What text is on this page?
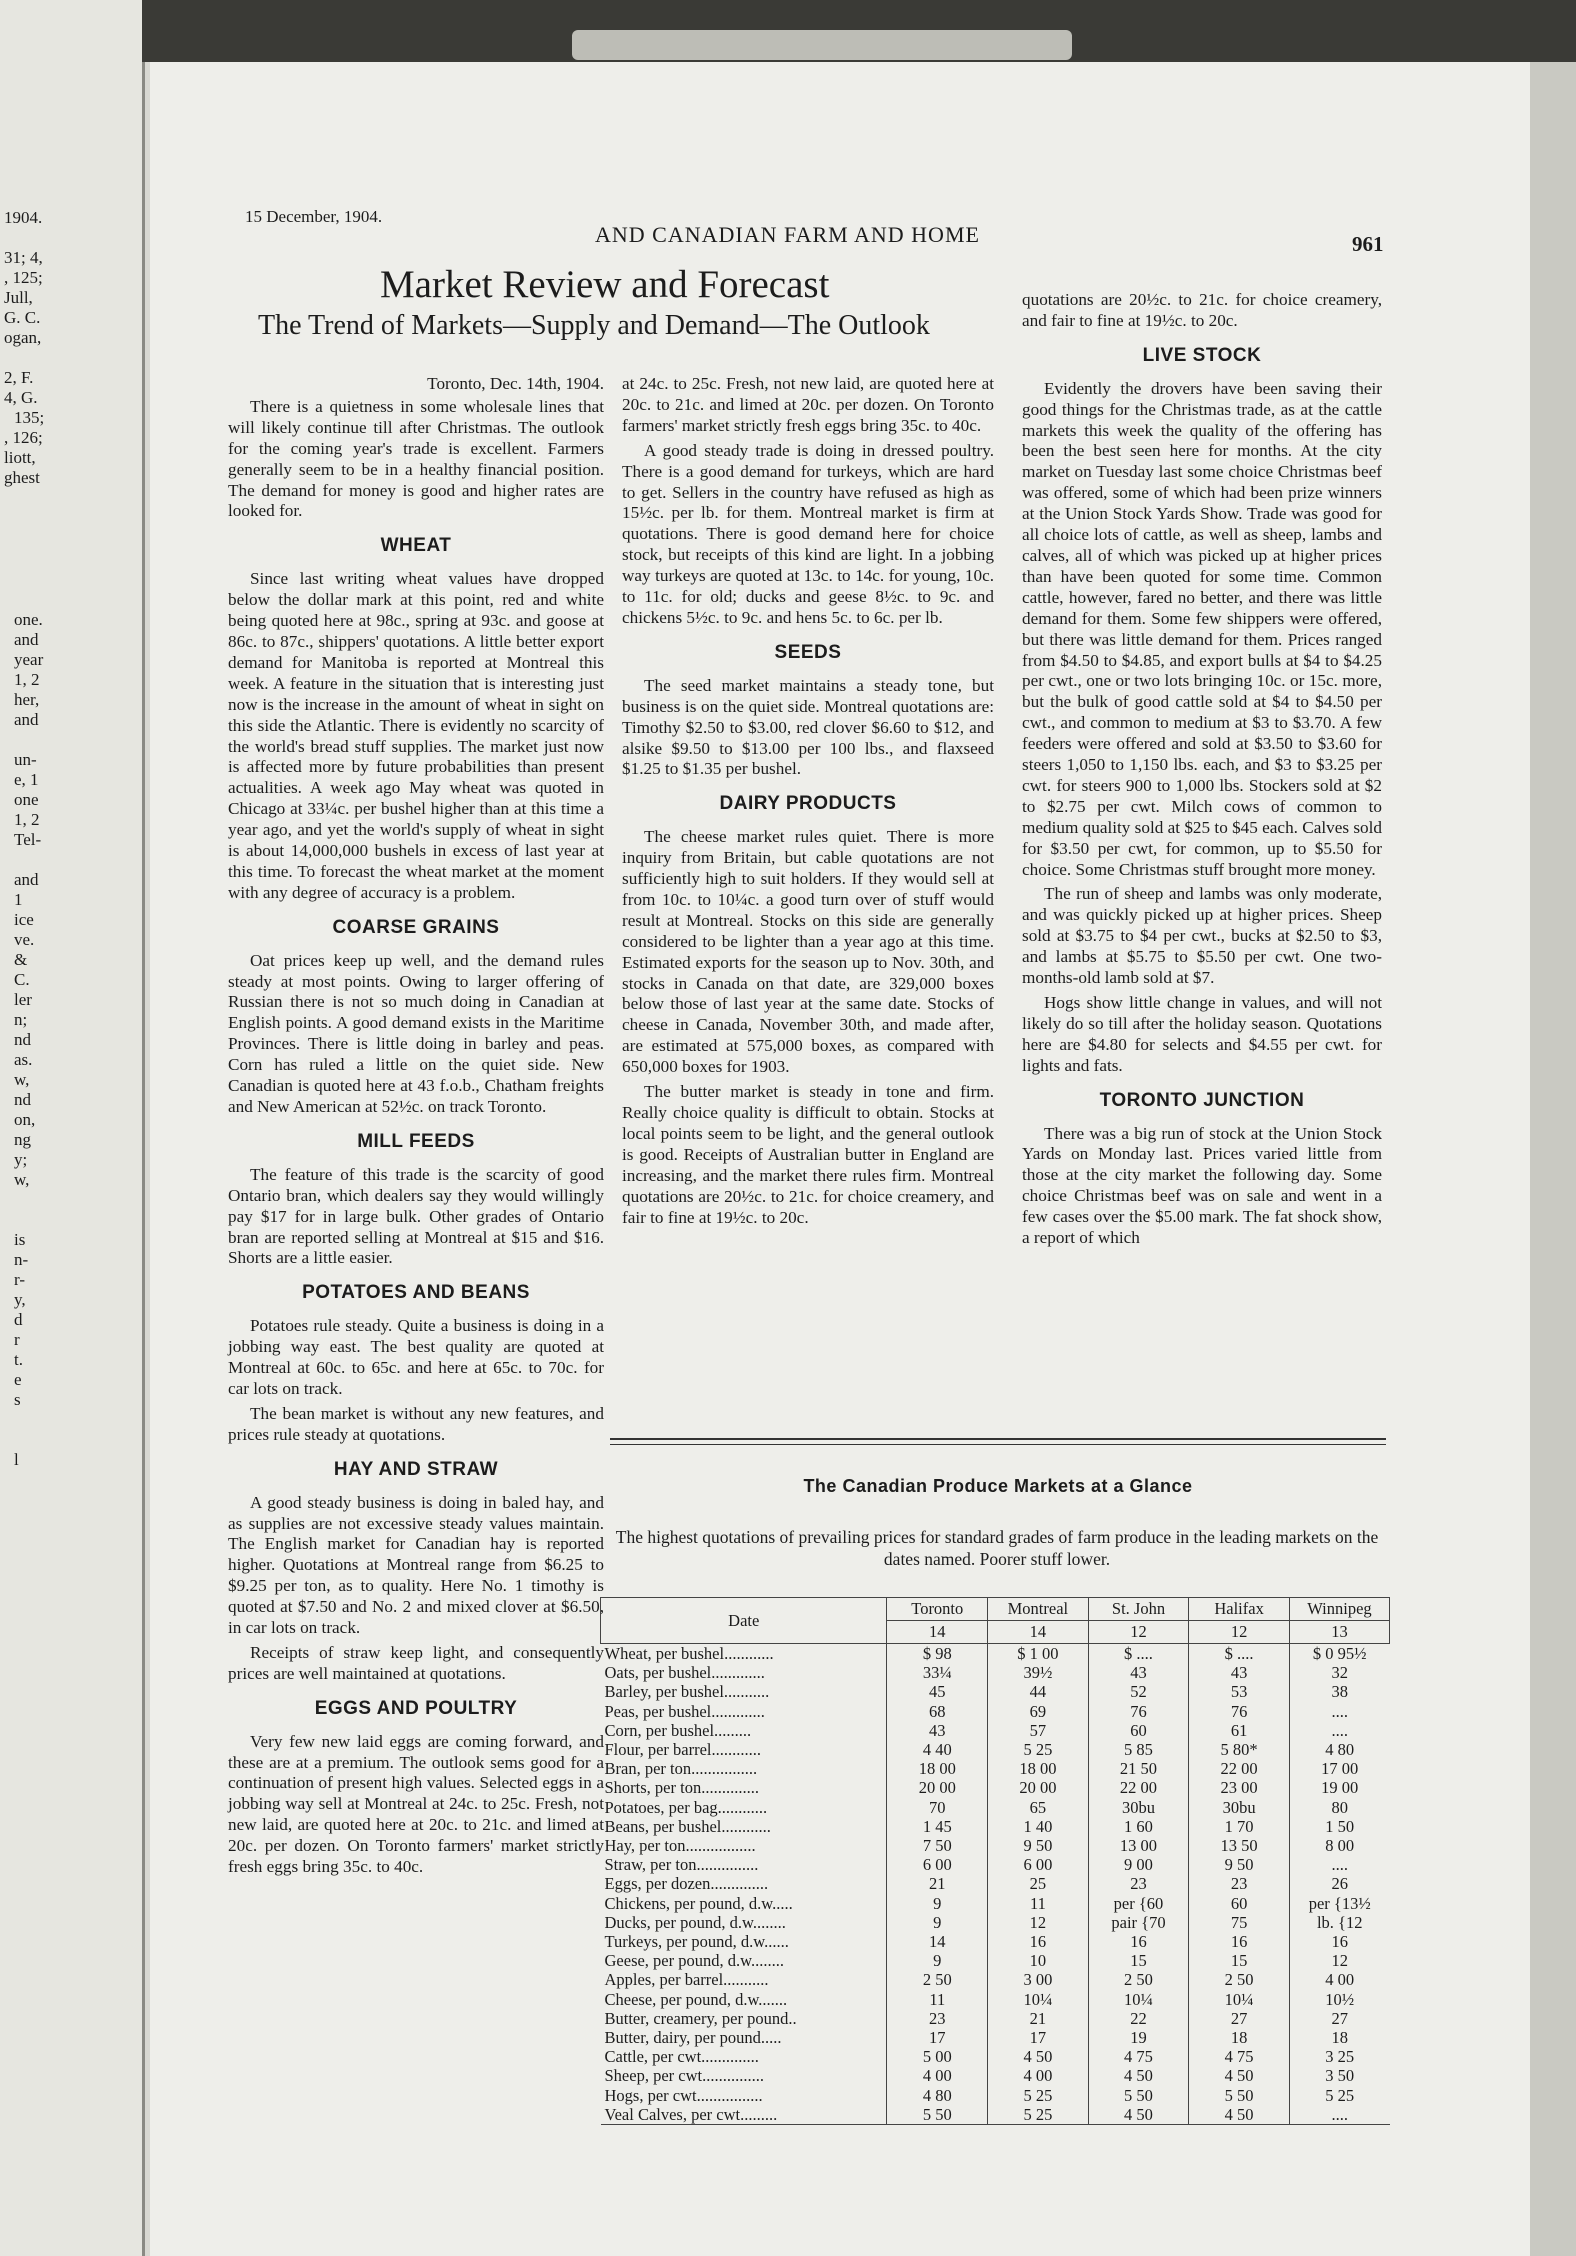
1904.
31; 4,
, 125;
Jull,
G. C.
ogan,
2, F.
4, G.
135;
, 126;
liott,
ghest
one.
and
year
1, 2
her,
and
un-
e, 1
one
1, 2
Tel-
and
1
ice
ve.
&
C.
ler
n;
nd
as.
w,
nd
on,
ng
y;
w,
is
n-
r-
y,
d
r
t.
e
s
l
15 December, 1904.
AND CANADIAN FARM AND HOME	961
Market Review and Forecast
The Trend of Markets—Supply and Demand—The Outlook

Toronto, Dec. 14th, 1904.

There is a quietness in some wholesale lines that will likely continue till after Christmas. The outlook for the coming year's trade is excellent. Farmers generally seem to be in a healthy financial position. The demand for money is good and higher rates are looked for.

WHEAT

Since last writing wheat values have dropped below the dollar mark at this point, red and white being quoted here at 98c., spring at 93c. and goose at 86c. to 87c., shippers' quotations. A little better export demand for Manitoba is reported at Montreal this week. A feature in the situation that is interesting just now is the increase in the amount of wheat in sight on this side the Atlantic. There is evidently no scarcity of the world's bread stuff supplies. The market just now is affected more by future probabilities than present actualities. A week ago May wheat was quoted in Chicago at 33¼c. per bushel higher than at this time a year ago, and yet the world's supply of wheat in sight is about 14,000,000 bushels in excess of last year at this time. To forecast the wheat market at the moment with any degree of accuracy is a problem.

COARSE GRAINS

Oat prices keep up well, and the demand rules steady at most points. Owing to larger offering of Russian there is not so much doing in Canadian at English points. A good demand exists in the Maritime Provinces. There is little doing in barley and peas. Corn has ruled a little on the quiet side. New Canadian is quoted here at 43 f.o.b., Chatham freights and New American at 52½c. on track Toronto.

MILL FEEDS

The feature of this trade is the scarcity of good Ontario bran, which dealers say they would willingly pay $17 for in large bulk. Other grades of Ontario bran are reported selling at Montreal at $15 and $16. Shorts are a little easier.

POTATOES AND BEANS

Potatoes rule steady. Quite a business is doing in a jobbing way east. The best quality are quoted at Montreal at 60c. to 65c. and here at 65c. to 70c. for car lots on track.

The bean market is without any new features, and prices rule steady at quotations.

HAY AND STRAW

A good steady business is doing in baled hay, and as supplies are not excessive steady values maintain. The English market for Canadian hay is reported higher. Quotations at Montreal range from $6.25 to $9.25 per ton, as to quality. Here No. 1 timothy is quoted at $7.50 and No. 2 and mixed clover at $6.50, in car lots on track.

Receipts of straw keep light, and consequently prices are well maintained at quotations.

EGGS AND POULTRY

Very few new laid eggs are coming forward, and these are at a premium. The outlook sems good for a continuation of present high values. Selected eggs in a jobbing way sell at Montreal at 24c. to 25c. Fresh, not new laid, are quoted here at 20c. to 21c. and limed at 20c. per dozen. On Toronto farmers' market strictly fresh eggs bring 35c. to 40c.

at 24c. to 25c. Fresh, not new laid, are quoted here at 20c. to 21c. and limed at 20c. per dozen. On Toronto farmers' market strictly fresh eggs bring 35c. to 40c.

A good steady trade is doing in dressed poultry. There is a good demand for turkeys, which are hard to get. Sellers in the country have refused as high as 15½c. per lb. for them. Montreal market is firm at quotations. There is good demand here for choice stock, but receipts of this kind are light. In a jobbing way turkeys are quoted at 13c. to 14c. for young, 10c. to 11c. for old; ducks and geese 8½c. to 9c. and chickens 5½c. to 9c. and hens 5c. to 6c. per lb.

SEEDS

The seed market maintains a steady tone, but business is on the quiet side. Montreal quotations are: Timothy $2.50 to $3.00, red clover $6.60 to $12, and alsike $9.50 to $13.00 per 100 lbs., and flaxseed $1.25 to $1.35 per bushel.

DAIRY PRODUCTS

The cheese market rules quiet. There is more inquiry from Britain, but cable quotations are not sufficiently high to suit holders. If they would sell at from 10c. to 10¼c. a good turn over of stuff would result at Montreal. Stocks on this side are generally considered to be lighter than a year ago at this time. Estimated exports for the season up to Nov. 30th, and stocks in Canada on that date, are 329,000 boxes below those of last year at the same date. Stocks of cheese in Canada, November 30th, and made after, are estimated at 575,000 boxes, as compared with 650,000 boxes for 1903.

The butter market is steady in tone and firm. Really choice quality is difficult to obtain. Stocks at local points seem to be light, and the general outlook is good. Receipts of Australian butter in England are increasing, and the market there rules firm. Montreal quotations are 20½c. to 21c. for choice creamery, and fair to fine at 19½c. to 20c.

quotations are 20½c. to 21c. for choice creamery, and fair to fine at 19½c. to 20c.

LIVE STOCK

Evidently the drovers have been saving their good things for the Christmas trade, as at the cattle markets this week the quality of the offering has been the best seen here for months. At the city market on Tuesday last some choice Christmas beef was offered, some of which had been prize winners at the Union Stock Yards Show. Trade was good for all choice lots of cattle, as well as sheep, lambs and calves, all of which was picked up at higher prices than have been quoted for some time. Common cattle, however, fared no better, and there was little demand for them. Some few shippers were offered, but there was little demand for them. Prices ranged from $4.50 to $4.85, and export bulls at $4 to $4.25 per cwt., one or two lots bringing 10c. or 15c. more, but the bulk of good cattle sold at $4 to $4.50 per cwt., and common to medium at $3 to $3.70. A few feeders were offered and sold at $3.50 to $3.60 for steers 1,050 to 1,150 lbs. each, and $3 to $3.25 per cwt. for steers 900 to 1,000 lbs. Stockers sold at $2 to $2.75 per cwt. Milch cows of common to medium quality sold at $25 to $45 each. Calves sold for $3.50 per cwt, for common, up to $5.50 for choice. Some Christmas stuff brought more money.

The run of sheep and lambs was only moderate, and was quickly picked up at higher prices. Sheep sold at $3.75 to $4 per cwt., bucks at $2.50 to $3, and lambs at $5.75 to $5.50 per cwt. One two-months-old lamb sold at $7.

Hogs show little change in values, and will not likely do so till after the holiday season. Quotations here are $4.80 for selects and $4.55 per cwt. for lights and fats.

TORONTO JUNCTION

There was a big run of stock at the Union Stock Yards on Monday last. Prices varied little from those at the city market the following day. Some choice Christmas beef was on sale and went in a few cases over the $5.00 mark. The fat shock show, a report of which

The Canadian Produce Markets at a Glance
The highest quotations of prevailing prices for standard grades of farm produce in the leading markets on the dates named. Poorer stuff lower.
Date	Toronto	Montreal	St. John	Halifax	Winnipeg
	14	14	12	12	13
Wheat, per bushel............	$ 98	$ 1 00	$ ....	$ ....	$ 0 95½
Oats, per bushel.............	33¼	39½	43	43	32
Barley, per bushel...........	45	44	52	53	38
Peas, per bushel.............	68	69	76	76	....
Corn, per bushel.........	43	57	60	61	....
Flour, per barrel............	4 40	5 25	5 85	5 80*	4 80
Bran, per ton................	18 00	18 00	21 50	22 00	17 00
Shorts, per ton..............	20 00	20 00	22 00	23 00	19 00
Potatoes, per bag............	70	65	30bu	30bu	80
Beans, per bushel............	1 45	1 40	1 60	1 70	1 50
Hay, per ton.................	7 50	9 50	13 00	13 50	8 00
Straw, per ton...............	6 00	6 00	9 00	9 50	....
Eggs, per dozen..............	21	25	23	23	26
Chickens, per pound, d.w.....	9	11	per {60	60	per {13½
Ducks, per pound, d.w........	9	12	pair {70	75	lb. {12
Turkeys, per pound, d.w......	14	16	16	16	16
Geese, per pound, d.w........	9	10	15	15	12
Apples, per barrel...........	2 50	3 00	2 50	2 50	4 00
Cheese, per pound, d.w.......	11	10¼	10¼	10¼	10½
Butter, creamery, per pound..	23	21	22	27	27
Butter, dairy, per pound.....	17	17	19	18	18
Cattle, per cwt..............	5 00	4 50	4 75	4 75	3 25
Sheep, per cwt...............	4 00	4 00	4 50	4 50	3 50
Hogs, per cwt................	4 80	5 25	5 50	5 50	5 25
Veal Calves, per cwt.........	5 50	5 25	4 50	4 50	....
